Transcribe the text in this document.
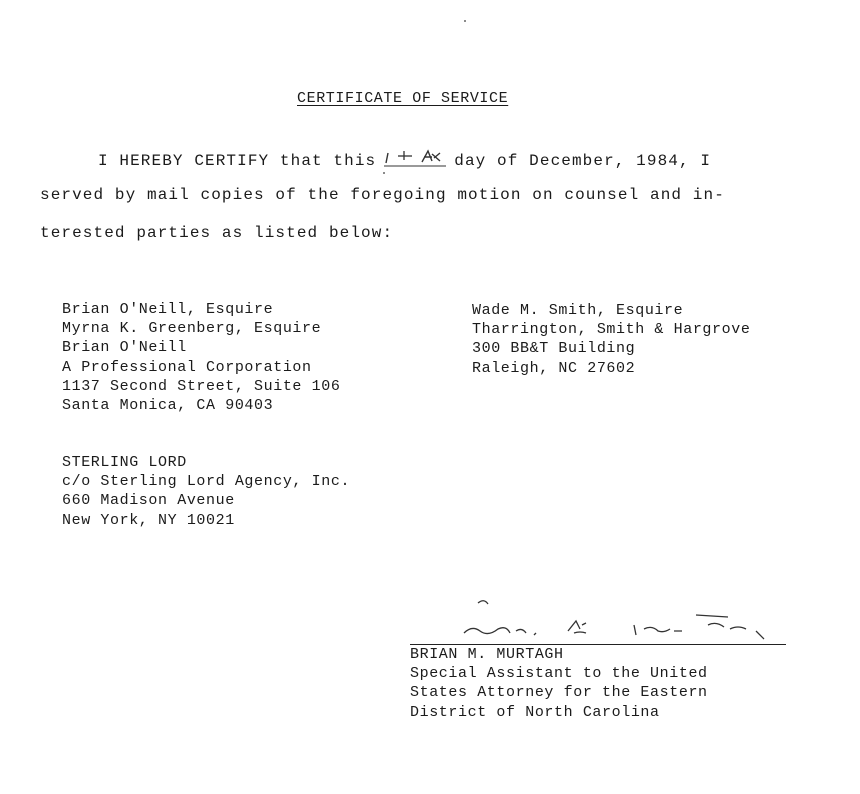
CERTIFICATE OF SERVICE
I HEREBY CERTIFY that this	day of December, 1984, I
served by mail copies of the foregoing motion on counsel and in-
terested parties as listed below:
Brian O'Neill, Esquire
Myrna K. Greenberg, Esquire
Brian O'Neill
A Professional Corporation
1137 Second Street, Suite 106
Santa Monica, CA 90403
Wade M. Smith, Esquire
Tharrington, Smith & Hargrove
300 BB&T Building
Raleigh, NC 27602
STERLING LORD
c/o Sterling Lord Agency, Inc.
660 Madison Avenue
New York, NY 10021
BRIAN M. MURTAGH
Special Assistant to the United
States Attorney for the Eastern
District of North Carolina
